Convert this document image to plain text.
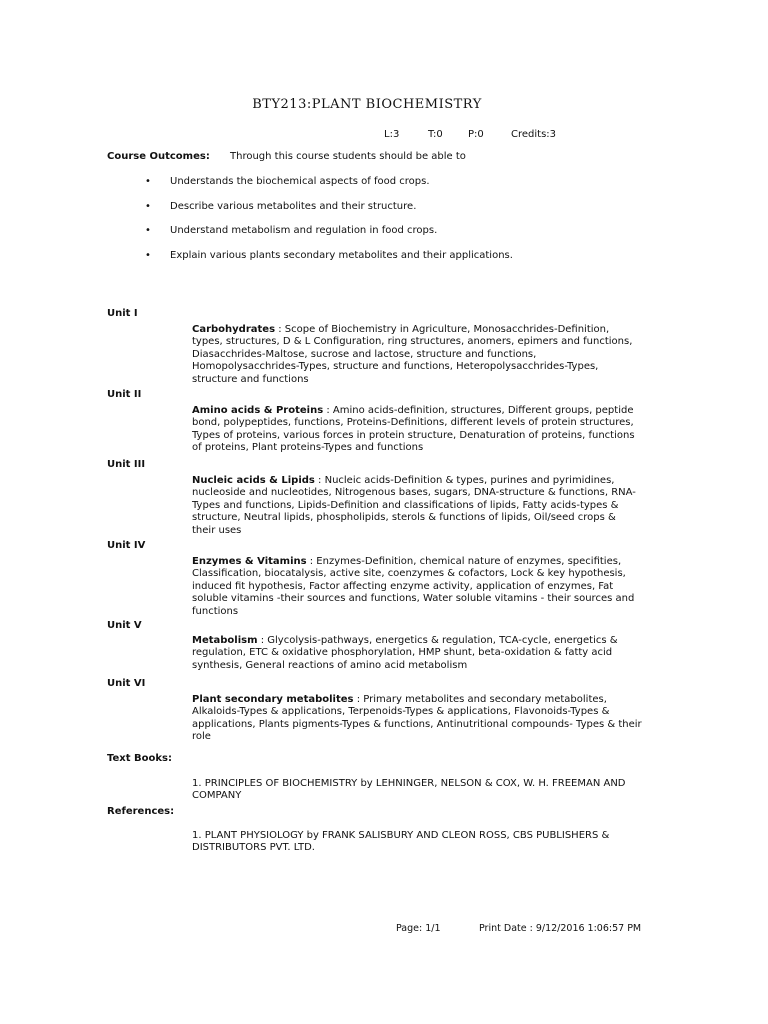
BTY213:PLANT BIOCHEMISTRY
L:3	T:0	P:0	Credits:3
Course Outcomes: Through this course students should be able to
• Understands the biochemical aspects of food crops.
• Describe various metabolites and their structure.
• Understand metabolism and regulation in food crops.
• Explain various plants secondary metabolites and their applications.
Unit I
Carbohydrates : Scope of Biochemistry in Agriculture, Monosacchrides-Definition, types, structures, D & L Configuration, ring structures, anomers, epimers and functions, Diasacchrides-Maltose, sucrose and lactose, structure and functions, Homopolysacchrides-Types, structure and functions, Heteropolysacchrides-Types, structure and functions
Unit II
Amino acids & Proteins : Amino acids-definition, structures, Different groups, peptide bond, polypeptides, functions, Proteins-Definitions, different levels of protein structures, Types of proteins, various forces in protein structure, Denaturation of proteins, functions of proteins, Plant proteins-Types and functions
Unit III
Nucleic acids & Lipids : Nucleic acids-Definition & types, purines and pyrimidines, nucleoside and nucleotides, Nitrogenous bases, sugars, DNA-structure & functions, RNA-Types and functions, Lipids-Definition and classifications of lipids, Fatty acids-types & structure, Neutral lipids, phospholipids, sterols & functions of lipids, Oil/seed crops & their uses
Unit IV
Enzymes & Vitamins : Enzymes-Definition, chemical nature of enzymes, specifities, Classification, biocatalysis, active site, coenzymes & cofactors, Lock & key hypothesis, induced fit hypothesis, Factor affecting enzyme activity, application of enzymes, Fat soluble vitamins -their sources and functions, Water soluble vitamins - their sources and functions
Unit V
Metabolism : Glycolysis-pathways, energetics & regulation, TCA-cycle, energetics & regulation, ETC & oxidative phosphorylation, HMP shunt, beta-oxidation & fatty acid synthesis, General reactions of amino acid metabolism
Unit VI
Plant secondary metabolites : Primary metabolites and secondary metabolites, Alkaloids-Types & applications, Terpenoids-Types & applications, Flavonoids-Types & applications, Plants pigments-Types & functions, Antinutritional compounds- Types & their role
Text Books:
1. PRINCIPLES OF BIOCHEMISTRY by LEHNINGER, NELSON & COX, W. H. FREEMAN AND COMPANY
References:
1. PLANT PHYSIOLOGY by FRANK SALISBURY AND CLEON ROSS, CBS PUBLISHERS & DISTRIBUTORS PVT. LTD.
Page: 1/1	Print Date : 9/12/2016 1:06:57 PM
